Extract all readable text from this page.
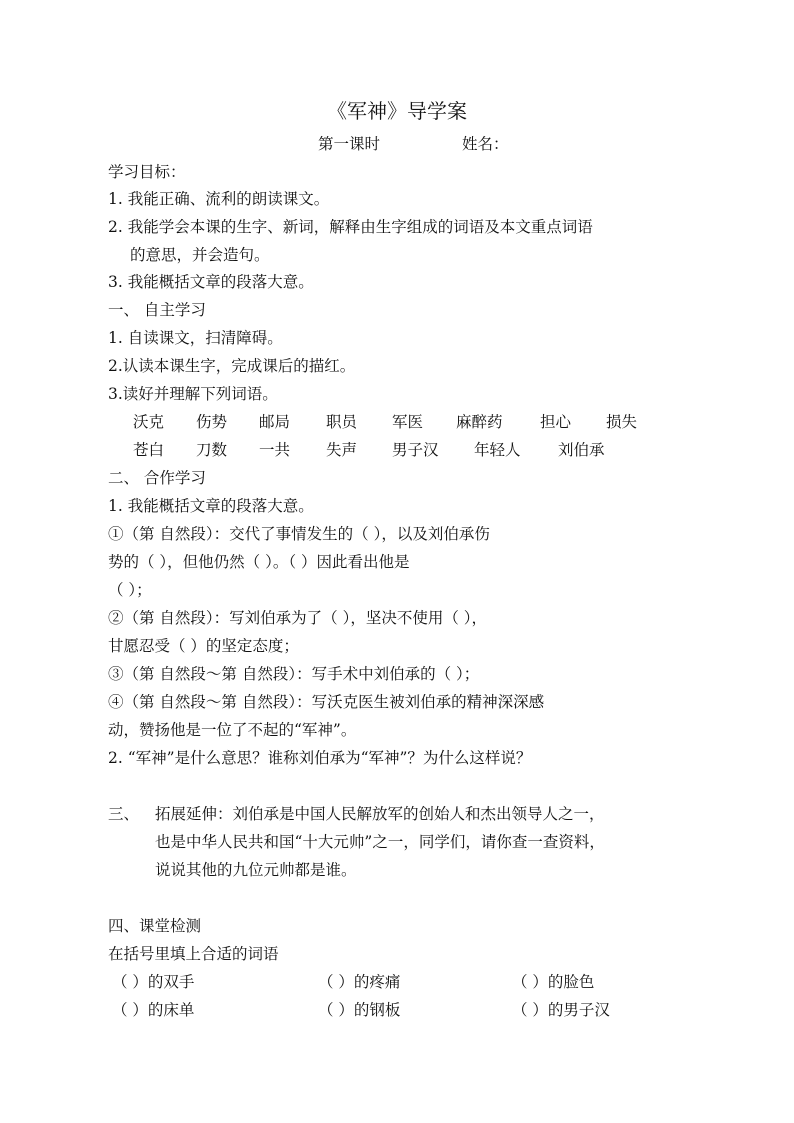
《军神》导学案
第一课时	姓名：
学习目标：
1. 我能正确、流利的朗读课文。
2. 我能学会本课的生字、新词，解释由生字组成的词语及本文重点词语
的意思，并会造句。
3. 我能概括文章的段落大意。
一、 自主学习
1. 自读课文，扫清障碍。
2.认读本课生字，完成课后的描红。
3.读好并理解下列词语。
沃克 伤势 邮局 职员 军医 麻醉药 担心 损失
苍白 刀数 一共 失声 男子汉 年轻人 刘伯承
二、 合作学习
1. 我能概括文章的段落大意。
①（第 自然段）：交代了事情发生的（ ），以及刘伯承伤
势的（ ），但他仍然（ ）。（ ）因此看出他是
（ ）；
②（第 自然段）：写刘伯承为了（ ），坚决不使用（ ），
甘愿忍受（ ）的坚定态度；
③（第 自然段～第 自然段）：写手术中刘伯承的（ ）；
④（第 自然段～第 自然段）：写沃克医生被刘伯承的精神深深感
动，赞扬他是一位了不起的“军神”。
2. “军神”是什么意思？谁称刘伯承为“军神”？为什么这样说？
三、 拓展延伸：刘伯承是中国人民解放军的创始人和杰出领导人之一，
也是中华人民共和国“十大元帅”之一，同学们，请你查一查资料，
说说其他的九位元帅都是谁。
四、课堂检测
在括号里填上合适的词语
（ ）的双手	（ ）的疼痛	（ ）的脸色
（ ）的床单	（ ）的钢板	（ ）的男子汉
